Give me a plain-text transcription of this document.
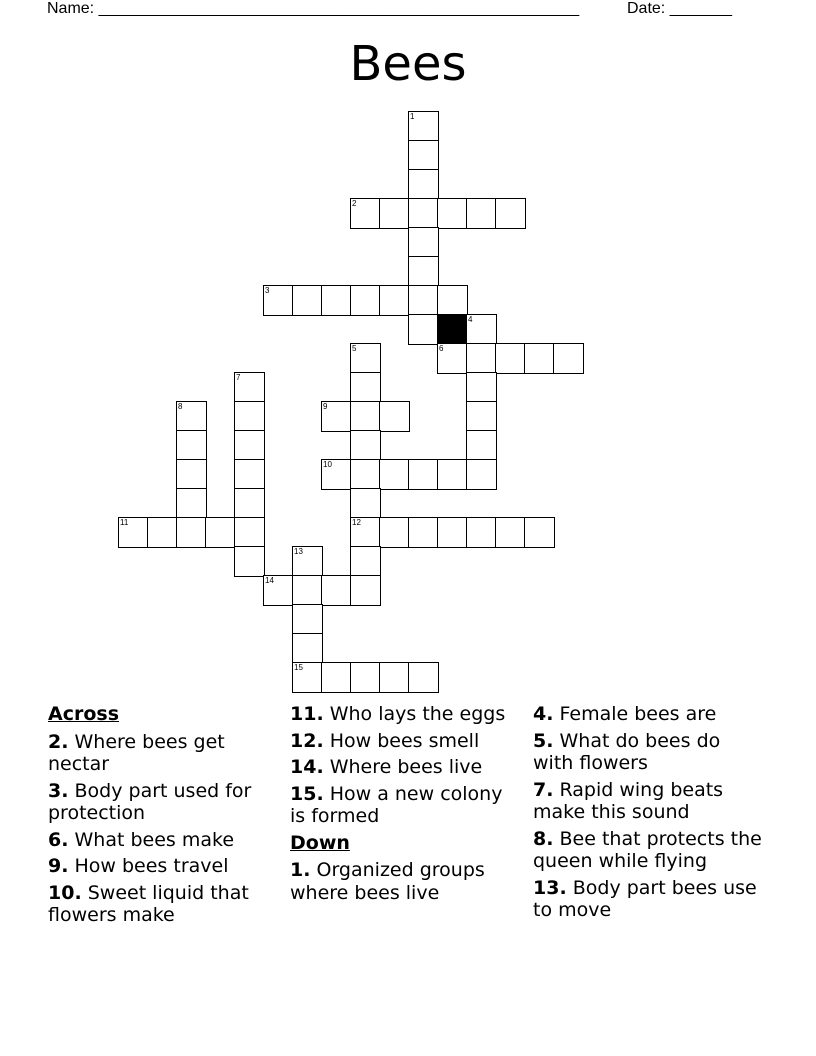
Name: ______________________________________________________	Date: _______
Bees
1
2
3
4
5	6
7
8	9
10
11	12
13
14
15
Across
2. Where bees get nectar
3. Body part used for protection
6. What bees make
9. How bees travel
10. Sweet liquid that flowers make
11. Who lays the eggs
12. How bees smell
14. Where bees live
15. How a new colony is formed
Down
1. Organized groups where bees live
4. Female bees are
5. What do bees do with flowers
7. Rapid wing beats make this sound
8. Bee that protects the queen while flying
13. Body part bees use to move
